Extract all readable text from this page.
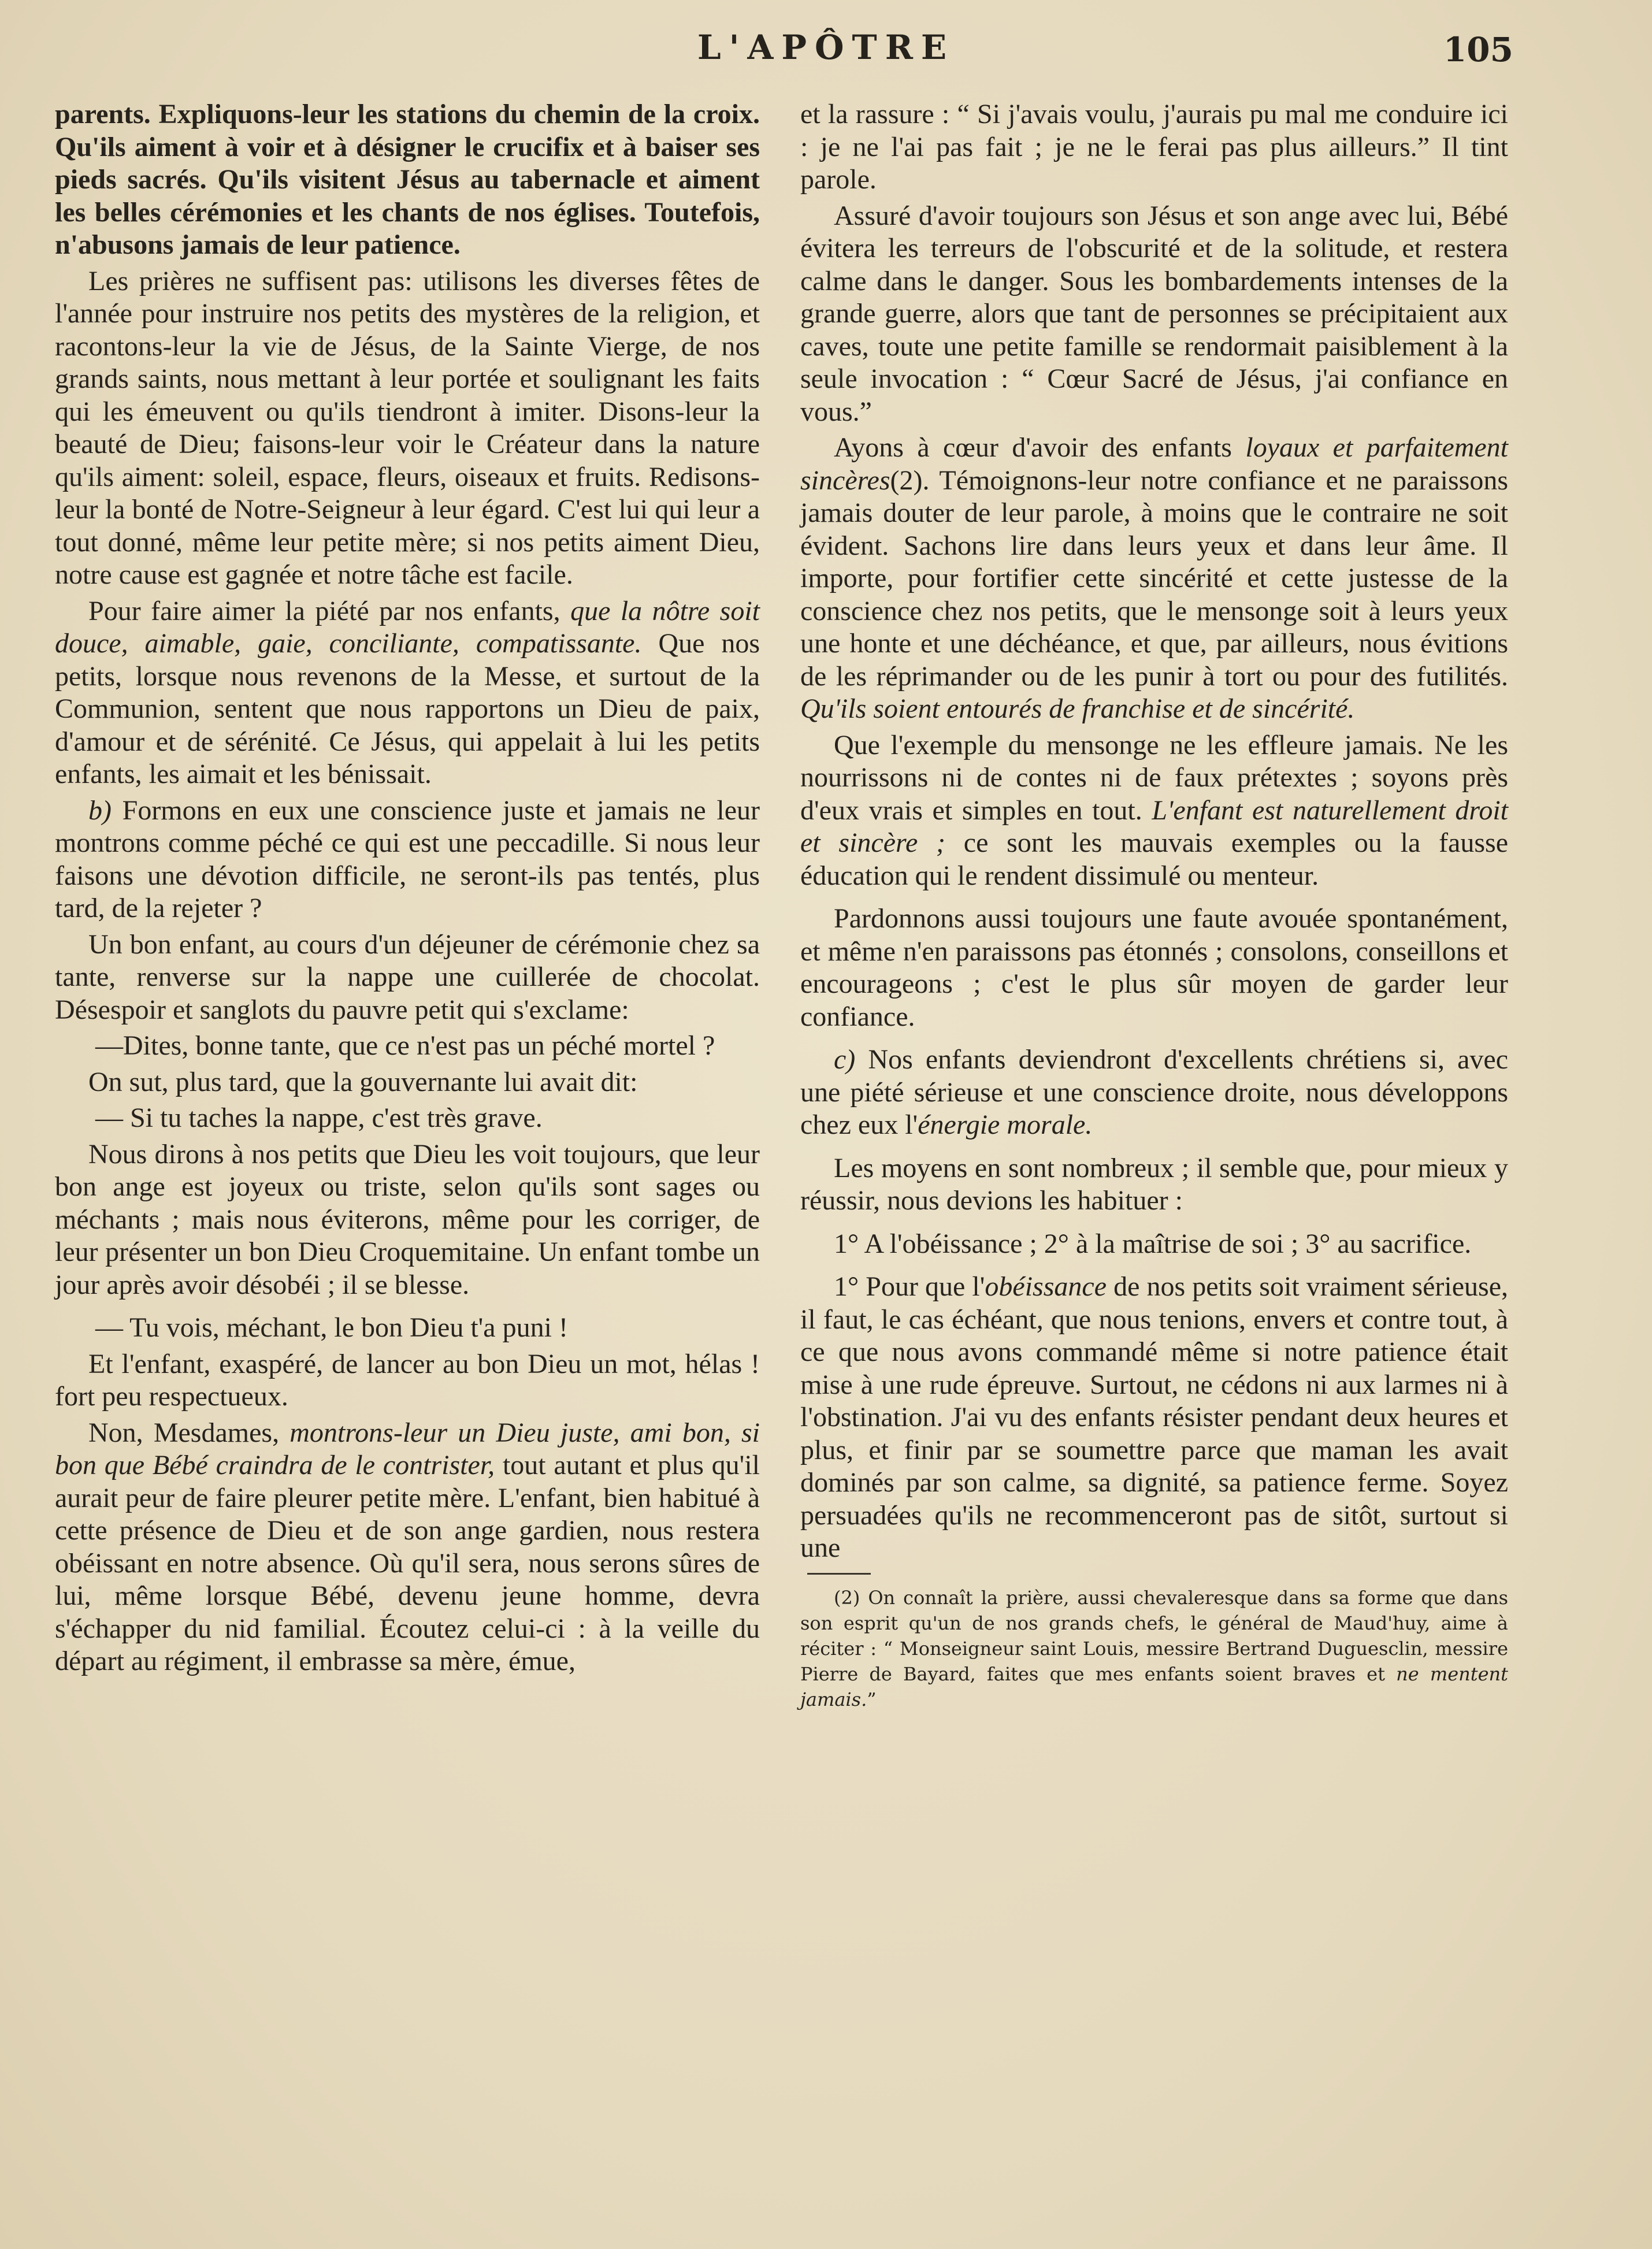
L'APÔTRE	105

parents. Expliquons-leur les stations du chemin de la croix. Qu'ils aiment à voir et à désigner le crucifix et à baiser ses pieds sacrés. Qu'ils visitent Jésus au tabernacle et aiment les belles cérémonies et les chants de nos églises. Toutefois, n'abusons jamais de leur patience.

Les prières ne suffisent pas: utilisons les diverses fêtes de l'année pour instruire nos petits des mystères de la religion, et racontons-leur la vie de Jésus, de la Sainte Vierge, de nos grands saints, nous mettant à leur portée et soulignant les faits qui les émeuvent ou qu'ils tiendront à imiter. Disons-leur la beauté de Dieu; faisons-leur voir le Créateur dans la nature qu'ils aiment: soleil, espace, fleurs, oiseaux et fruits. Redisons-leur la bonté de Notre-Seigneur à leur égard. C'est lui qui leur a tout donné, même leur petite mère; si nos petits aiment Dieu, notre cause est gagnée et notre tâche est facile.

Pour faire aimer la piété par nos enfants, que la nôtre soit douce, aimable, gaie, conciliante, compatissante. Que nos petits, lorsque nous revenons de la Messe, et surtout de la Communion, sentent que nous rapportons un Dieu de paix, d'amour et de sérénité. Ce Jésus, qui appelait à lui les petits enfants, les aimait et les bénissait.

b) Formons en eux une conscience juste et jamais ne leur montrons comme péché ce qui est une peccadille. Si nous leur faisons une dévotion difficile, ne seront-ils pas tentés, plus tard, de la rejeter ?

Un bon enfant, au cours d'un déjeuner de cérémonie chez sa tante, renverse sur la nappe une cuillerée de chocolat. Désespoir et sanglots du pauvre petit qui s'exclame:

—Dites, bonne tante, que ce n'est pas un péché mortel ?

On sut, plus tard, que la gouvernante lui avait dit:

— Si tu taches la nappe, c'est très grave.

Nous dirons à nos petits que Dieu les voit toujours, que leur bon ange est joyeux ou triste, selon qu'ils sont sages ou méchants ; mais nous éviterons, même pour les corriger, de leur présenter un bon Dieu Croquemitaine. Un enfant tombe un jour après avoir désobéi ; il se blesse.

— Tu vois, méchant, le bon Dieu t'a puni !

Et l'enfant, exaspéré, de lancer au bon Dieu un mot, hélas ! fort peu respectueux.

Non, Mesdames, montrons-leur un Dieu juste, ami bon, si bon que Bébé craindra de le contrister, tout autant et plus qu'il aurait peur de faire pleurer petite mère. L'enfant, bien habitué à cette présence de Dieu et de son ange gardien, nous restera obéissant en notre absence. Où qu'il sera, nous serons sûres de lui, même lorsque Bébé, devenu jeune homme, devra s'échapper du nid familial. Écoutez celui-ci : à la veille du départ au régiment, il embrasse sa mère, émue,

et la rassure : “ Si j'avais voulu, j'aurais pu mal me conduire ici : je ne l'ai pas fait ; je ne le ferai pas plus ailleurs.” Il tint parole.

Assuré d'avoir toujours son Jésus et son ange avec lui, Bébé évitera les terreurs de l'obscurité et de la solitude, et restera calme dans le danger. Sous les bombardements intenses de la grande guerre, alors que tant de personnes se précipitaient aux caves, toute une petite famille se rendormait paisiblement à la seule invocation : “ Cœur Sacré de Jésus, j'ai confiance en vous.”

Ayons à cœur d'avoir des enfants loyaux et parfaitement sincères(2). Témoignons-leur notre confiance et ne paraissons jamais douter de leur parole, à moins que le contraire ne soit évident. Sachons lire dans leurs yeux et dans leur âme. Il importe, pour fortifier cette sincérité et cette justesse de la conscience chez nos petits, que le mensonge soit à leurs yeux une honte et une déchéance, et que, par ailleurs, nous évitions de les réprimander ou de les punir à tort ou pour des futilités. Qu'ils soient entourés de franchise et de sincérité.

Que l'exemple du mensonge ne les effleure jamais. Ne les nourrissons ni de contes ni de faux prétextes ; soyons près d'eux vrais et simples en tout. L'enfant est naturellement droit et sincère ; ce sont les mauvais exemples ou la fausse éducation qui le rendent dissimulé ou menteur.

Pardonnons aussi toujours une faute avouée spontanément, et même n'en paraissons pas étonnés ; consolons, conseillons et encourageons ; c'est le plus sûr moyen de garder leur confiance.

c) Nos enfants deviendront d'excellents chrétiens si, avec une piété sérieuse et une conscience droite, nous développons chez eux l'énergie morale.

Les moyens en sont nombreux ; il semble que, pour mieux y réussir, nous devions les habituer :

1° A l'obéissance ; 2° à la maîtrise de soi ; 3° au sacrifice.

1° Pour que l'obéissance de nos petits soit vraiment sérieuse, il faut, le cas échéant, que nous tenions, envers et contre tout, à ce que nous avons commandé même si notre patience était mise à une rude épreuve. Surtout, ne cédons ni aux larmes ni à l'obstination. J'ai vu des enfants résister pendant deux heures et plus, et finir par se soumettre parce que maman les avait dominés par son calme, sa dignité, sa patience ferme. Soyez persuadées qu'ils ne recommenceront pas de sitôt, surtout si une

(2) On connaît la prière, aussi chevaleresque dans sa forme que dans son esprit qu'un de nos grands chefs, le général de Maud'huy, aime à réciter : “ Monseigneur saint Louis, messire Bertrand Duguesclin, messire Pierre de Bayard, faites que mes enfants soient braves et ne mentent jamais.”
